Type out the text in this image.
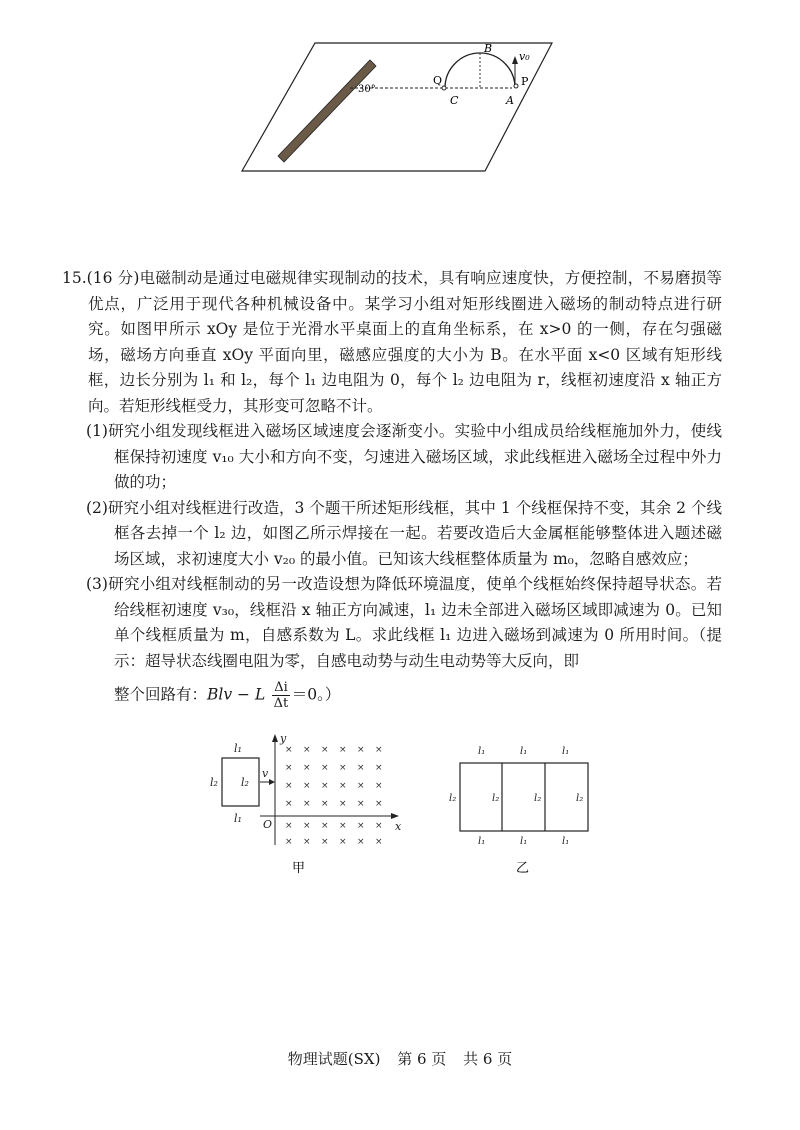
B
v₀
Q	P
C	A
30°

15.(16 分)电磁制动是通过电磁规律实现制动的技术，具有响应速度快，方便控制，不易磨损等优点，广泛用于现代各种机械设备中。某学习小组对矩形线圈进入磁场的制动特点进行研究。如图甲所示 xOy 是位于光滑水平桌面上的直角坐标系，在 x>0 的一侧，存在匀强磁场，磁场方向垂直 xOy 平面向里，磁感应强度的大小为 B。在水平面 x<0 区域有矩形线框，边长分别为 l₁ 和 l₂，每个 l₁ 边电阻为 0，每个 l₂ 边电阻为 r，线框初速度沿 x 轴正方向。若矩形线框受力，其形变可忽略不计。

(1)研究小组发现线框进入磁场区域速度会逐渐变小。实验中小组成员给线框施加外力，使线框保持初速度 v₁₀ 大小和方向不变，匀速进入磁场区域，求此线框进入磁场全过程中外力做的功；

(2)研究小组对线框进行改造，3 个题干所述矩形线框，其中 1 个线框保持不变，其余 2 个线框各去掉一个 l₂ 边，如图乙所示焊接在一起。若要改造后大金属框能够整体进入题述磁场区域，求初速度大小 v₂₀ 的最小值。已知该大线框整体质量为 m₀，忽略自感效应；

(3)研究小组对线框制动的另一改造设想为降低环境温度，使单个线框始终保持超导状态。若给线框初速度 v₃₀，线框沿 x 轴正方向减速，l₁ 边未全部进入磁场区域即减速为 0。已知单个线框质量为 m，自感系数为 L。求此线框 l₁ 边进入磁场到减速为 0 所用时间。（提示：超导状态线圈电阻为零，自感电动势与动生电动势等大反向，即

整个回路有：Blv − L $\frac{\Delta i}{\Delta t} =0$。）

× × × × × ×
× × × × × ×
× × × × × ×
× × × × × ×
× × × × × ×
× × × × × ×
l₁
l₂ l₂
l₁
v
y
x
O
甲
l₁	l₁	l₁
l₂	l₂	l₂	l₂
l₁	l₁	l₁
乙
物理试题(SX) 第 6 页 共 6 页
